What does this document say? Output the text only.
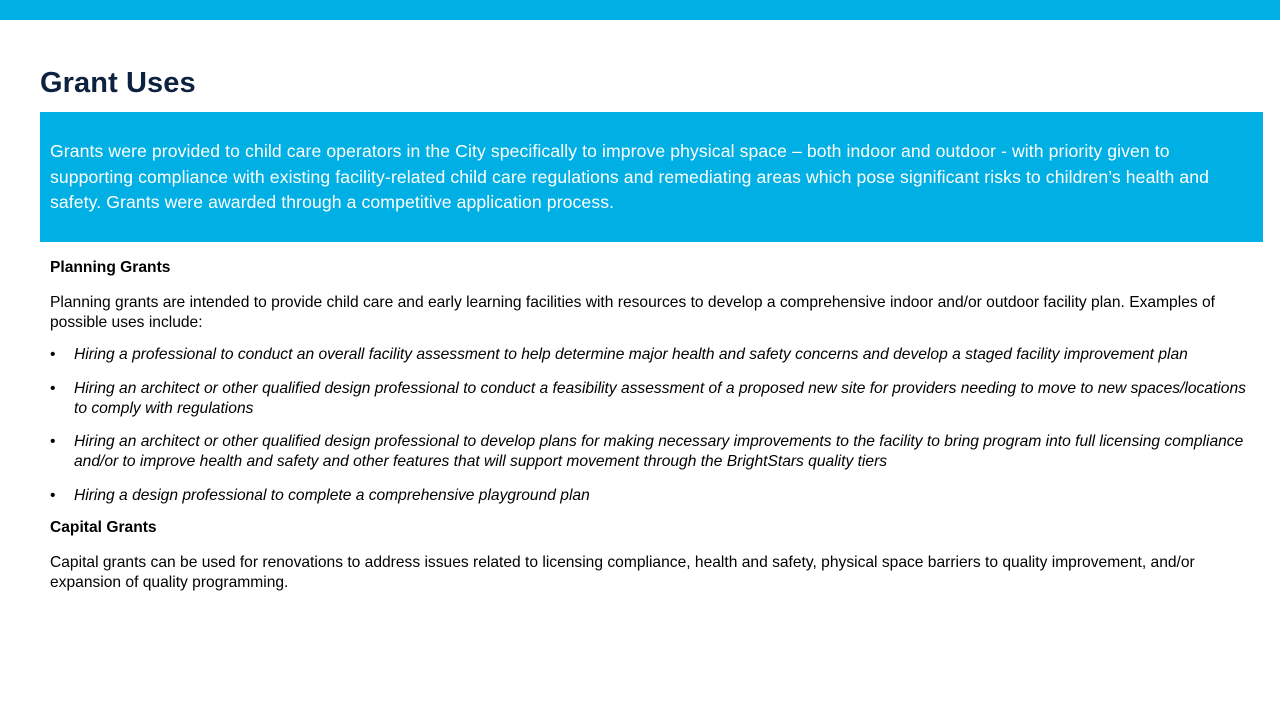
Grant Uses

Grants were provided to child care operators in the City specifically to improve physical space – both indoor and outdoor - with priority given to supporting compliance with existing facility-related child care regulations and remediating areas which pose significant risks to children’s health and safety. Grants were awarded through a competitive application process.

Planning Grants

Planning grants are intended to provide child care and early learning facilities with resources to develop a comprehensive indoor and/or outdoor facility plan. Examples of possible uses include:

• Hiring a professional to conduct an overall facility assessment to help determine major health and safety concerns and develop a staged facility improvement plan
• Hiring an architect or other qualified design professional to conduct a feasibility assessment of a proposed new site for providers needing to move to new spaces/locations to comply with regulations
• Hiring an architect or other qualified design professional to develop plans for making necessary improvements to the facility to bring program into full licensing compliance and/or to improve health and safety and other features that will support movement through the BrightStars quality tiers
• Hiring a design professional to complete a comprehensive playground plan
Capital Grants

Capital grants can be used for renovations to address issues related to licensing compliance, health and safety, physical space barriers to quality improvement, and/or expansion of quality programming.
